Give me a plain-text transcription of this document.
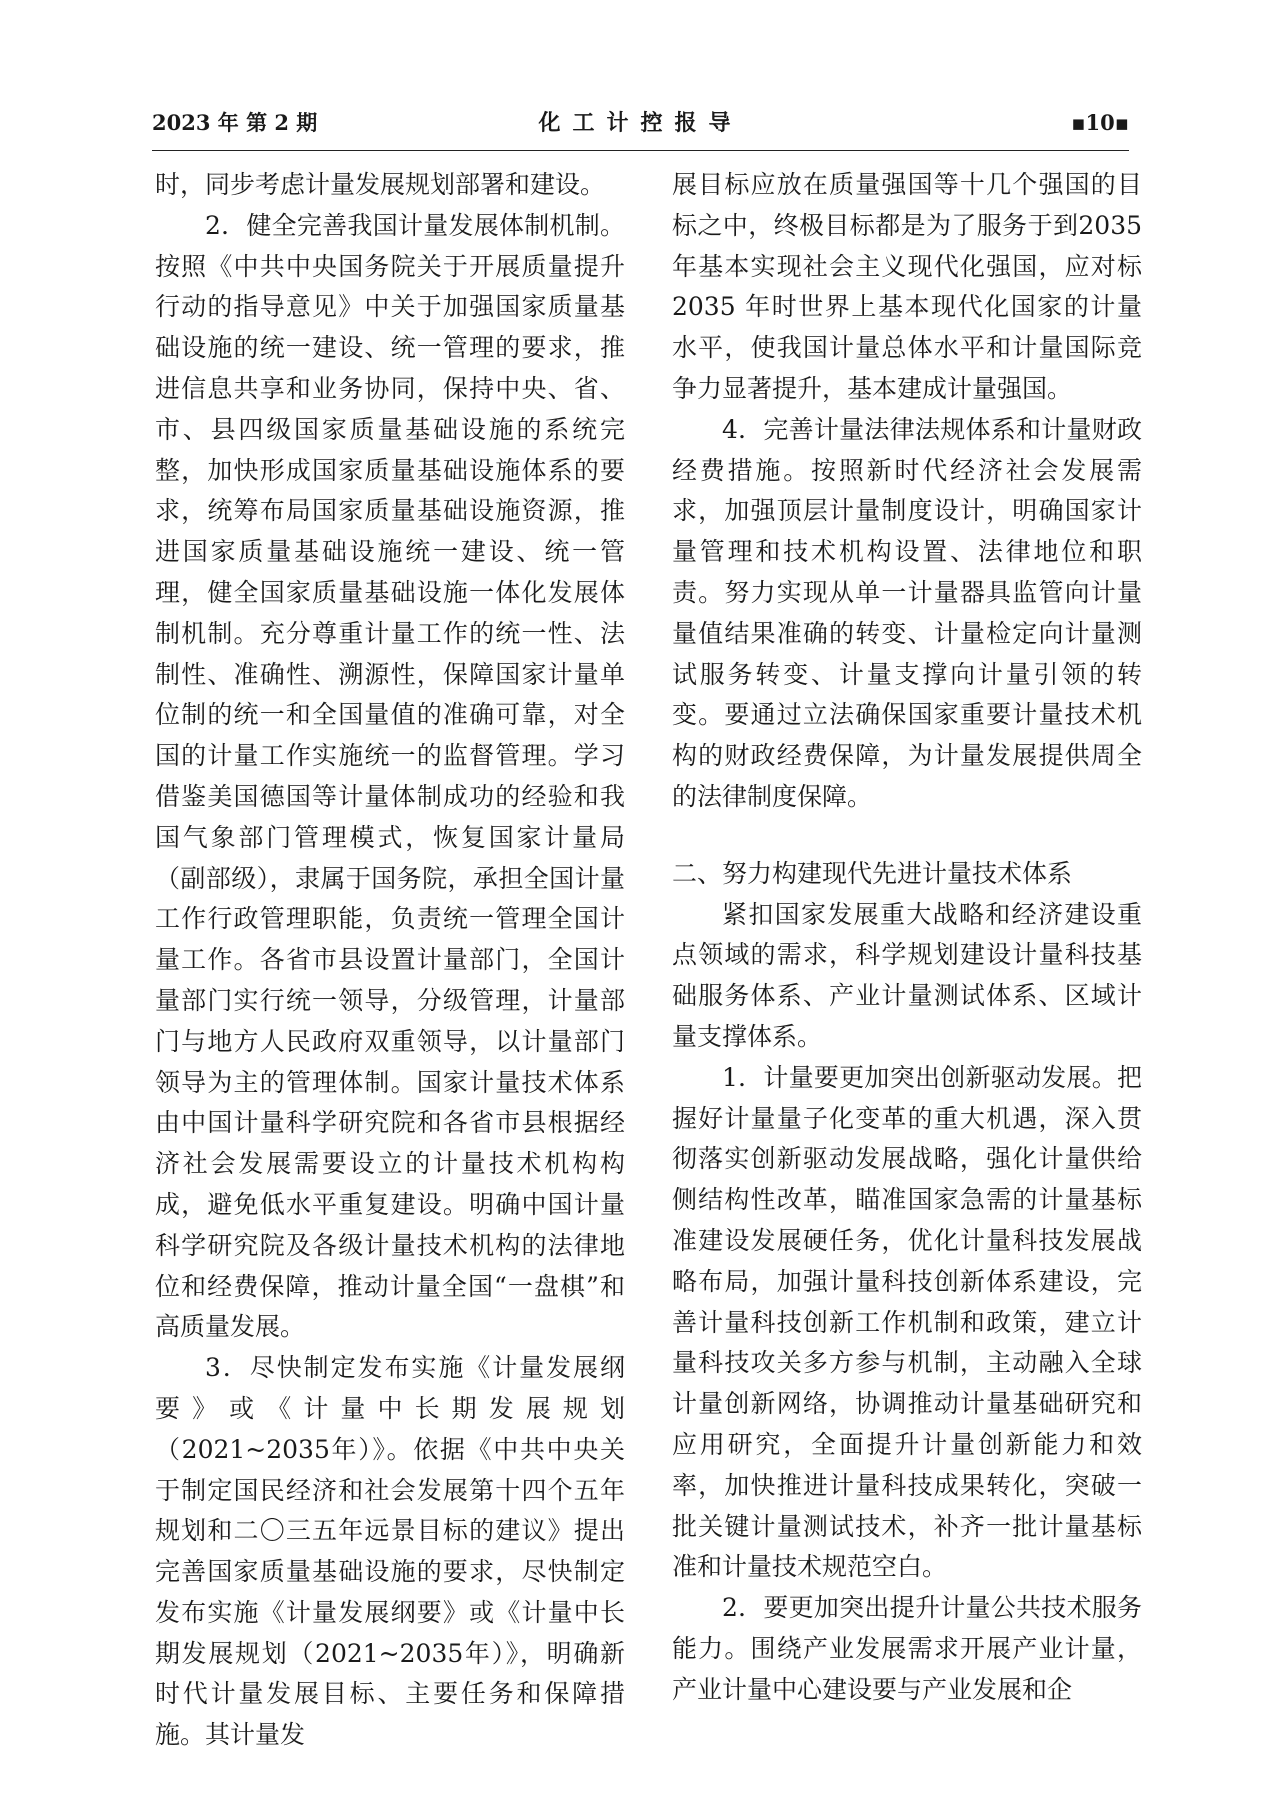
2023 年 第 2 期	化工计控报导	▪10▪

时，同步考虑计量发展规划部署和建设。

2．健全完善我国计量发展体制机制。按照《中共中央国务院关于开展质量提升行动的指导意见》中关于加强国家质量基础设施的统一建设、统一管理的要求，推进信息共享和业务协同，保持中央、省、市、县四级国家质量基础设施的系统完整，加快形成国家质量基础设施体系的要求，统筹布局国家质量基础设施资源，推进国家质量基础设施统一建设、统一管理，健全国家质量基础设施一体化发展体制机制。充分尊重计量工作的统一性、法制性、准确性、溯源性，保障国家计量单位制的统一和全国量值的准确可靠，对全国的计量工作实施统一的监督管理。学习借鉴美国德国等计量体制成功的经验和我国气象部门管理模式，恢复国家计量局（副部级），隶属于国务院，承担全国计量工作行政管理职能，负责统一管理全国计量工作。各省市县设置计量部门，全国计量部门实行统一领导，分级管理，计量部门与地方人民政府双重领导，以计量部门领导为主的管理体制。国家计量技术体系由中国计量科学研究院和各省市县根据经济社会发展需要设立的计量技术机构构成，避免低水平重复建设。明确中国计量科学研究院及各级计量技术机构的法律地位和经费保障，推动计量全国“一盘棋”和高质量发展。

3．尽快制定发布实施《计量发展纲要》或《计量中长期发展规划（2021~2035年）》。依据《中共中央关于制定国民经济和社会发展第十四个五年规划和二〇三五年远景目标的建议》提出完善国家质量基础设施的要求，尽快制定发布实施《计量发展纲要》或《计量中长期发展规划（2021~2035年）》，明确新时代计量发展目标、主要任务和保障措施。其计量发

展目标应放在质量强国等十几个强国的目标之中，终极目标都是为了服务于到2035年基本实现社会主义现代化强国，应对标 2035 年时世界上基本现代化国家的计量水平，使我国计量总体水平和计量国际竞争力显著提升，基本建成计量强国。

4．完善计量法律法规体系和计量财政经费措施。按照新时代经济社会发展需求，加强顶层计量制度设计，明确国家计量管理和技术机构设置、法律地位和职责。努力实现从单一计量器具监管向计量量值结果准确的转变、计量检定向计量测试服务转变、计量支撑向计量引领的转变。要通过立法确保国家重要计量技术机构的财政经费保障，为计量发展提供周全的法律制度保障。

二、努力构建现代先进计量技术体系

紧扣国家发展重大战略和经济建设重点领域的需求，科学规划建设计量科技基础服务体系、产业计量测试体系、区域计量支撑体系。

1．计量要更加突出创新驱动发展。把握好计量量子化变革的重大机遇，深入贯彻落实创新驱动发展战略，强化计量供给侧结构性改革，瞄准国家急需的计量基标准建设发展硬任务，优化计量科技发展战略布局，加强计量科技创新体系建设，完善计量科技创新工作机制和政策，建立计量科技攻关多方参与机制，主动融入全球计量创新网络，协调推动计量基础研究和应用研究，全面提升计量创新能力和效率，加快推进计量科技成果转化，突破一批关键计量测试技术，补齐一批计量基标准和计量技术规范空白。

2．要更加突出提升计量公共技术服务能力。围绕产业发展需求开展产业计量，产业计量中心建设要与产业发展和企
